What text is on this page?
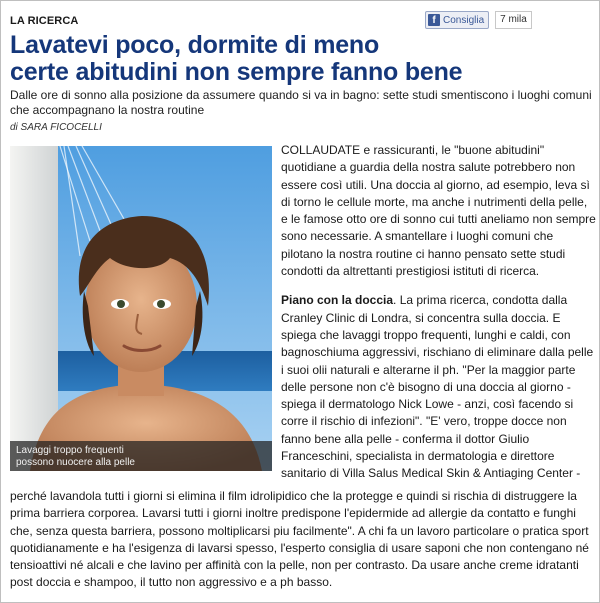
LA RICERCA	f Consiglia	7 mila
Lavatevi poco, dormite di meno
certe abitudini non sempre fanno bene
Dalle ore di sonno alla posizione da assumere quando si va in bagno: sette studi smentiscono i luoghi comuni che accompagnano la nostra routine
di SARA FICOCELLI
Lavaggi troppo frequenti
possono nuocere alla pelle

COLLAUDATE e rassicuranti, le "buone abitudini" quotidiane a guardia della nostra salute potrebbero non essere così utili. Una doccia al giorno, ad esempio, leva sì di torno le cellule morte, ma anche i nutrimenti della pelle, e le famose otto ore di sonno cui tutti aneliamo non sempre sono necessarie. A smantellare i luoghi comuni che pilotano la nostra routine ci hanno pensato sette studi condotti da altrettanti prestigiosi istituti di ricerca.

Piano con la doccia. La prima ricerca, condotta dalla Cranley Clinic di Londra, si concentra sulla doccia. E spiega che lavaggi troppo frequenti, lunghi e caldi, con bagnoschiuma aggressivi, rischiano di eliminare dalla pelle i suoi olii naturali e alterarne il ph. "Per la maggior parte delle persone non c'è bisogno di una doccia al giorno - spiega il dermatologo Nick Lowe - anzi, così facendo si corre il rischio di infezioni". "E' vero, troppe docce non fanno bene alla pelle - conferma il dottor Giulio Franceschini, specialista in dermatologia e direttore sanitario di Villa Salus Medical Skin & Antiaging Center -

perché lavandola tutti i giorni si elimina il film idrolipidico che la protegge e quindi si rischia di distruggere la prima barriera corporea. Lavarsi tutti i giorni inoltre predispone l'epidermide ad allergie da contatto e funghi che, senza questa barriera, possono moltiplicarsi piu facilmente". A chi fa un lavoro particolare o pratica sport quotidianamente e ha l'esigenza di lavarsi spesso, l'esperto consiglia di usare saponi che non contengano né tensioattivi né alcali e che lavino per affinità con la pelle, non per contrasto. Da usare anche creme idratanti post doccia e shampoo, il tutto non aggressivo e a ph basso.
